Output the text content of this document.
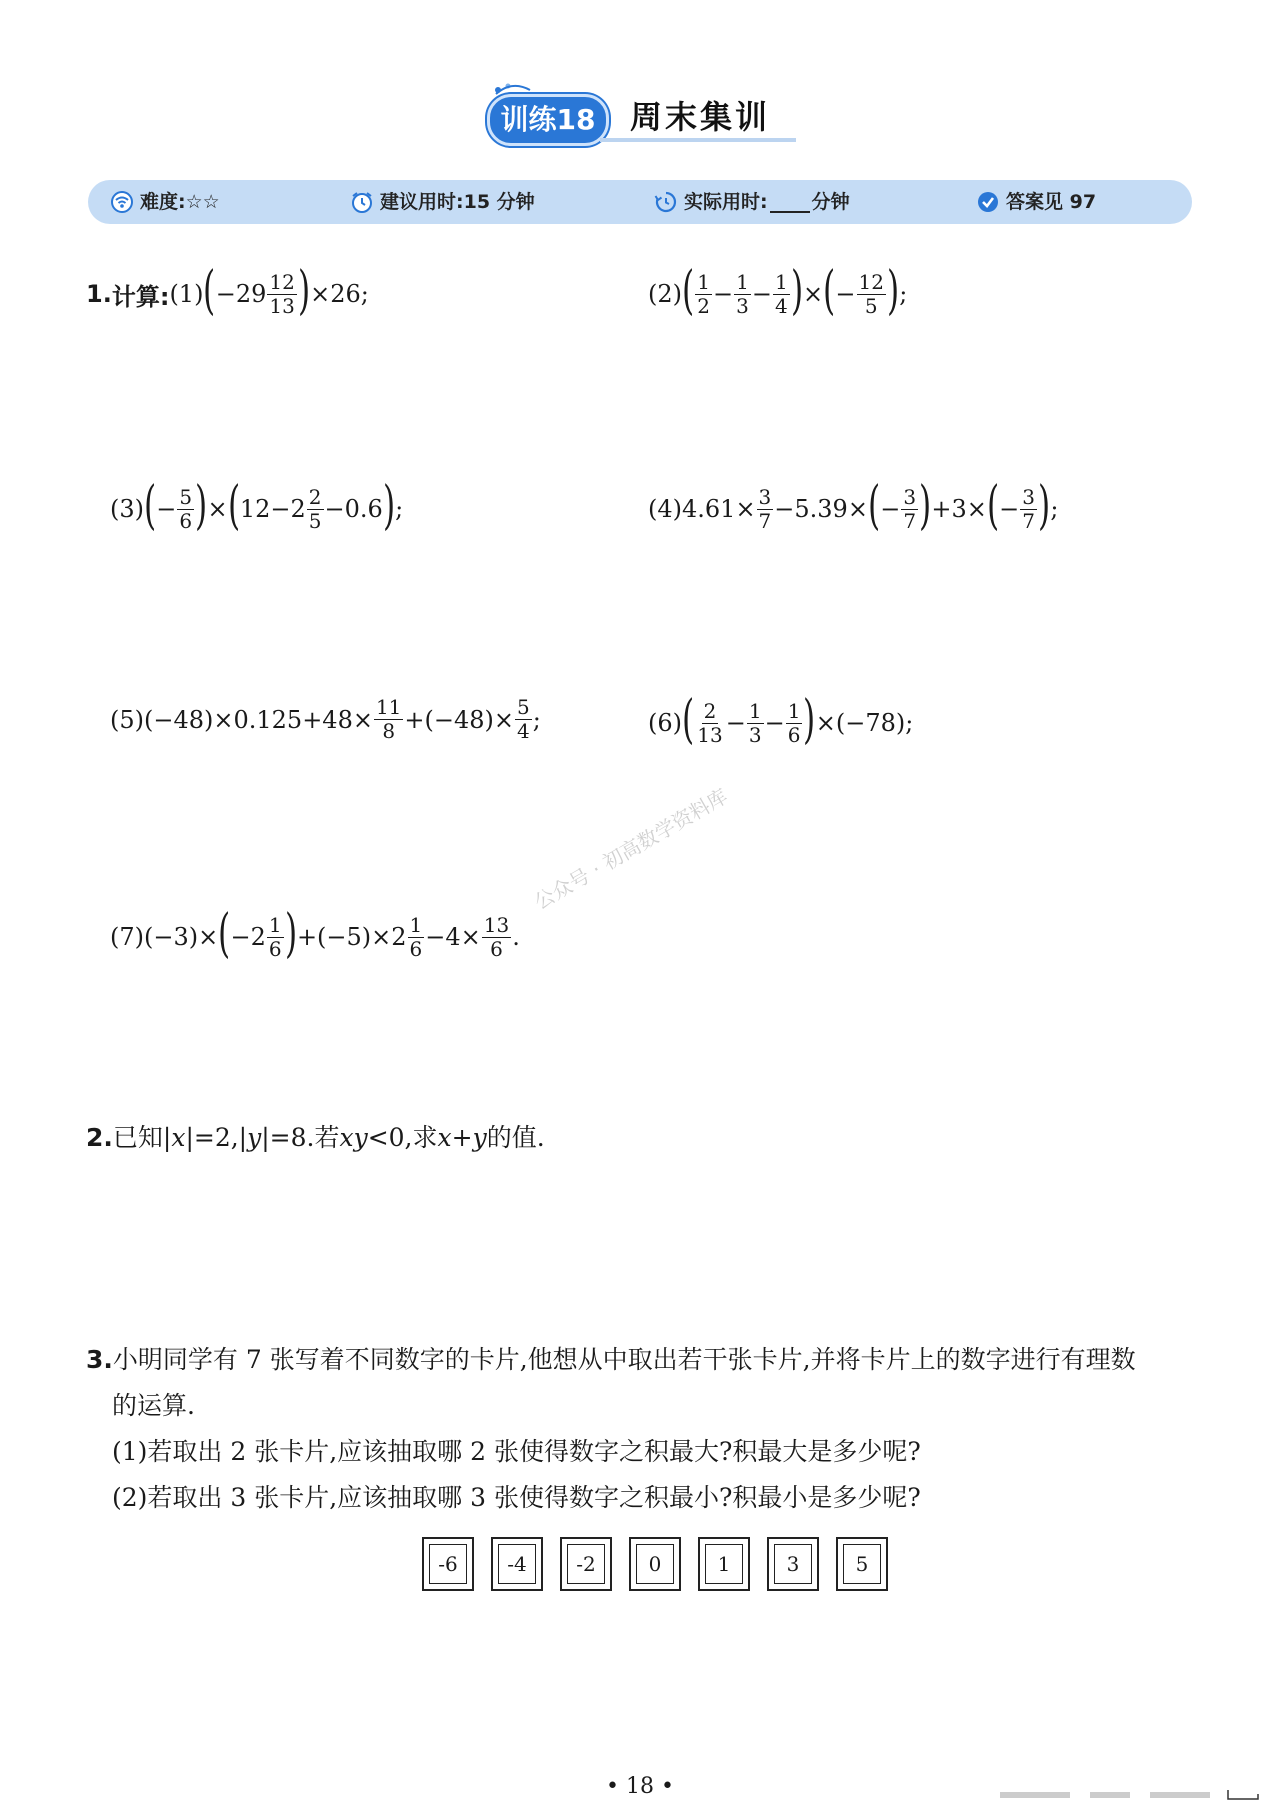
训练18	周末集训
难度:☆☆	建议用时:15 分钟	实际用时: 分钟	答案见 97
1. 计算: (1) ( $-29 \frac{12}{13}$ ) ×26;	(2) ( $\frac{1}{2} - \frac{1}{3} - \frac{1}{4}$ ) × ( − $\frac{12}{5}$ ) ;
(3) ( − $\frac{5}{6}$ ) × ( $12-2 \frac{2}{5} -0.6$ ) ;	(4) $4.61\times \frac{3}{7} -5.39\times$ ( − $\frac{3}{7}$ ) +3× ( − $\frac{3}{7}$ ) ;
(5) $(-48)\times 0.125+48\times \frac{11}{8} +(-48)\times \frac{5}{4}$ ;	(6) ( $\frac{2}{13} - \frac{1}{3} - \frac{1}{6}$ ) ×(−78);
(7) (−3)× ( $-2 \frac{1}{6}$ ) $+(-5)\times 2 \frac{1}{6} -4\times \frac{13}{6}$ .
公众号 · 初高数学资料库
2.已知|x|=2,|y|=8.若xy<0,求x+y的值.
3.小明同学有 7 张写着不同数字的卡片,他想从中取出若干张卡片,并将卡片上的数字进行有理数
的运算.
(1)若取出 2 张卡片,应该抽取哪 2 张使得数字之积最大?积最大是多少呢?
(2)若取出 3 张卡片,应该抽取哪 3 张使得数字之积最小?积最小是多少呢?
-6	-4	-2	0	1	3	5
• 18 •
